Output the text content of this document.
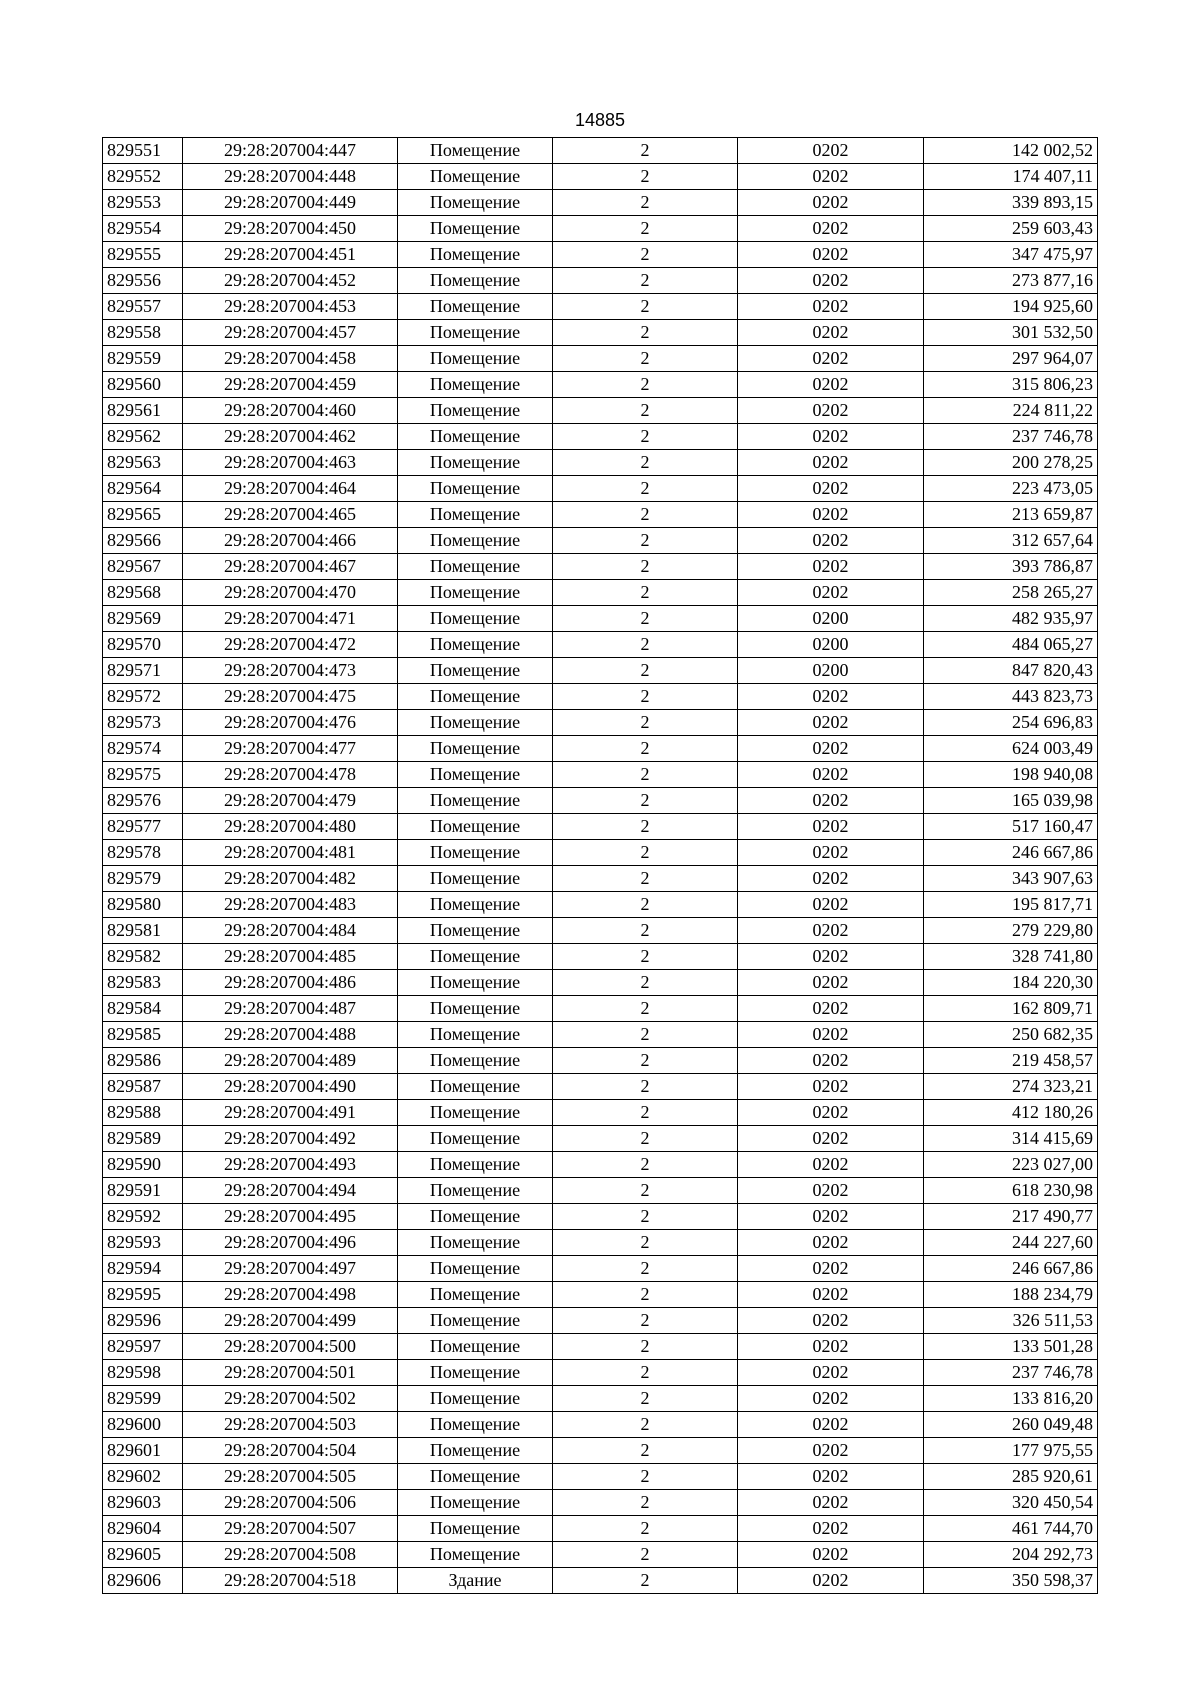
14885
829551	29:28:207004:447	Помещение	2	0202	142 002,52
829552	29:28:207004:448	Помещение	2	0202	174 407,11
829553	29:28:207004:449	Помещение	2	0202	339 893,15
829554	29:28:207004:450	Помещение	2	0202	259 603,43
829555	29:28:207004:451	Помещение	2	0202	347 475,97
829556	29:28:207004:452	Помещение	2	0202	273 877,16
829557	29:28:207004:453	Помещение	2	0202	194 925,60
829558	29:28:207004:457	Помещение	2	0202	301 532,50
829559	29:28:207004:458	Помещение	2	0202	297 964,07
829560	29:28:207004:459	Помещение	2	0202	315 806,23
829561	29:28:207004:460	Помещение	2	0202	224 811,22
829562	29:28:207004:462	Помещение	2	0202	237 746,78
829563	29:28:207004:463	Помещение	2	0202	200 278,25
829564	29:28:207004:464	Помещение	2	0202	223 473,05
829565	29:28:207004:465	Помещение	2	0202	213 659,87
829566	29:28:207004:466	Помещение	2	0202	312 657,64
829567	29:28:207004:467	Помещение	2	0202	393 786,87
829568	29:28:207004:470	Помещение	2	0202	258 265,27
829569	29:28:207004:471	Помещение	2	0200	482 935,97
829570	29:28:207004:472	Помещение	2	0200	484 065,27
829571	29:28:207004:473	Помещение	2	0200	847 820,43
829572	29:28:207004:475	Помещение	2	0202	443 823,73
829573	29:28:207004:476	Помещение	2	0202	254 696,83
829574	29:28:207004:477	Помещение	2	0202	624 003,49
829575	29:28:207004:478	Помещение	2	0202	198 940,08
829576	29:28:207004:479	Помещение	2	0202	165 039,98
829577	29:28:207004:480	Помещение	2	0202	517 160,47
829578	29:28:207004:481	Помещение	2	0202	246 667,86
829579	29:28:207004:482	Помещение	2	0202	343 907,63
829580	29:28:207004:483	Помещение	2	0202	195 817,71
829581	29:28:207004:484	Помещение	2	0202	279 229,80
829582	29:28:207004:485	Помещение	2	0202	328 741,80
829583	29:28:207004:486	Помещение	2	0202	184 220,30
829584	29:28:207004:487	Помещение	2	0202	162 809,71
829585	29:28:207004:488	Помещение	2	0202	250 682,35
829586	29:28:207004:489	Помещение	2	0202	219 458,57
829587	29:28:207004:490	Помещение	2	0202	274 323,21
829588	29:28:207004:491	Помещение	2	0202	412 180,26
829589	29:28:207004:492	Помещение	2	0202	314 415,69
829590	29:28:207004:493	Помещение	2	0202	223 027,00
829591	29:28:207004:494	Помещение	2	0202	618 230,98
829592	29:28:207004:495	Помещение	2	0202	217 490,77
829593	29:28:207004:496	Помещение	2	0202	244 227,60
829594	29:28:207004:497	Помещение	2	0202	246 667,86
829595	29:28:207004:498	Помещение	2	0202	188 234,79
829596	29:28:207004:499	Помещение	2	0202	326 511,53
829597	29:28:207004:500	Помещение	2	0202	133 501,28
829598	29:28:207004:501	Помещение	2	0202	237 746,78
829599	29:28:207004:502	Помещение	2	0202	133 816,20
829600	29:28:207004:503	Помещение	2	0202	260 049,48
829601	29:28:207004:504	Помещение	2	0202	177 975,55
829602	29:28:207004:505	Помещение	2	0202	285 920,61
829603	29:28:207004:506	Помещение	2	0202	320 450,54
829604	29:28:207004:507	Помещение	2	0202	461 744,70
829605	29:28:207004:508	Помещение	2	0202	204 292,73
829606	29:28:207004:518	Здание	2	0202	350 598,37
